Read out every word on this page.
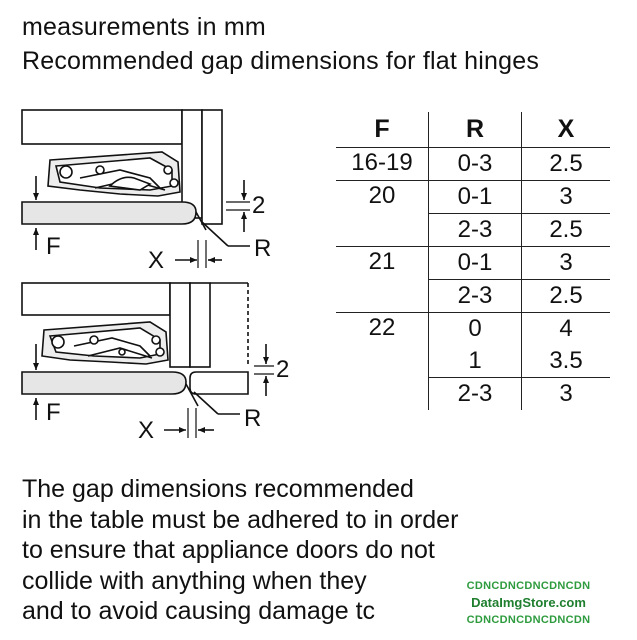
measurements in mm
Recommended gap dimensions for flat hinges
F
2
X	R
F
2
X	R
F	R	X
16-19	0-3	2.5
20	0-1	3
	2-3	2.5
21	0-1	3
	2-3	2.5
22	0	4
	1	3.5
	2-3	3
The gap dimensions recommended
in the table must be adhered to in order
to ensure that appliance doors do not
collide with anything when they
and to avoid causing damage tc
CDNCDNCDNCDNCDN
DataImgStore.com
CDNCDNCDNCDNCDN
